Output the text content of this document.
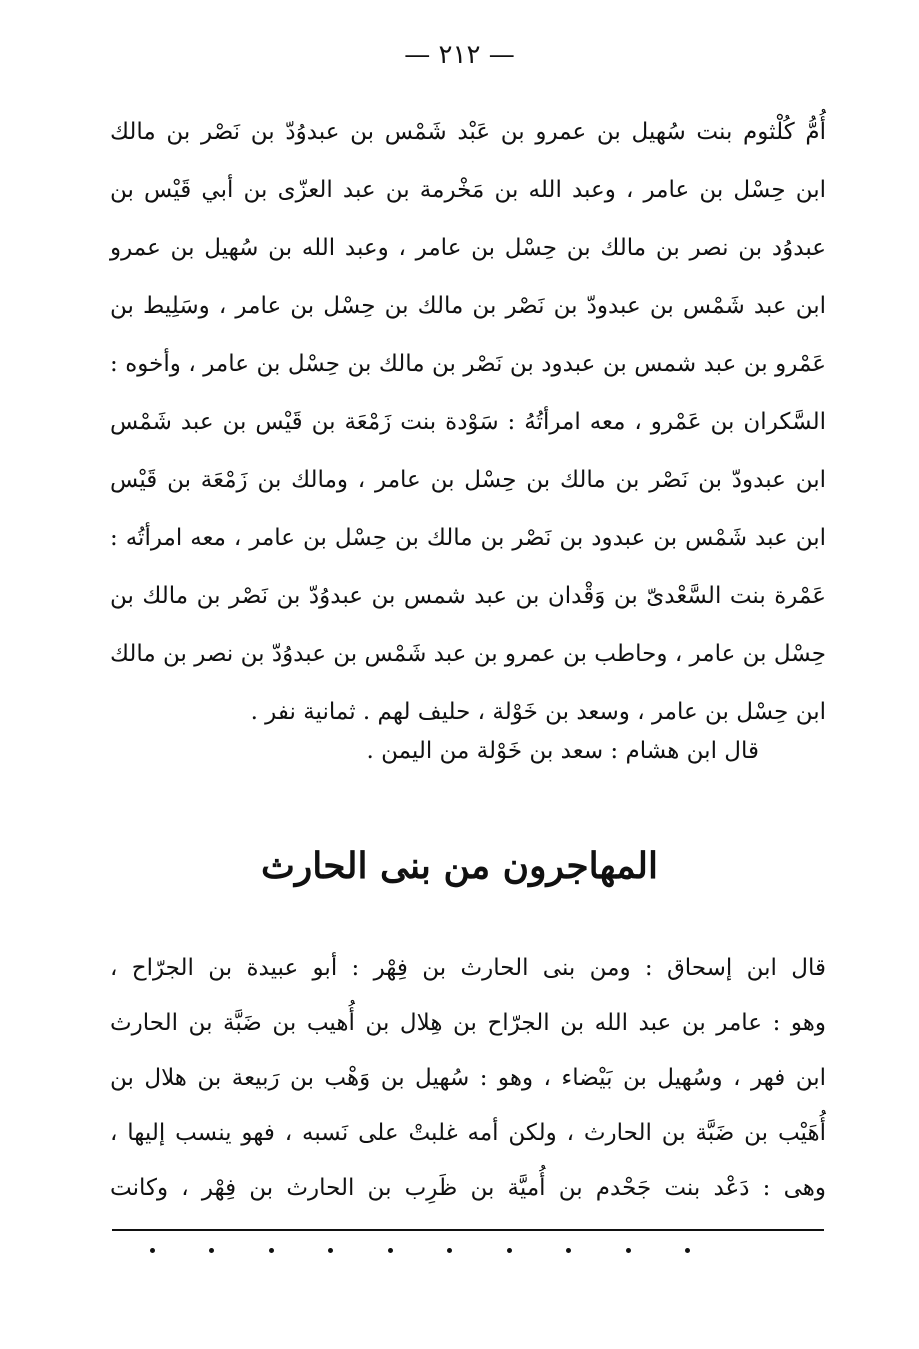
— ٢١٢ —
أُمُّ كُلْثوم بنت سُهيل بن عمرو بن عَبْد شَمْس بن عبدوُدّ بن نَصْر بن مالك
ابن حِسْل بن عامر ، وعبد الله بن مَخْرمة بن عبد العزّى بن أبي قَيْس بن
عبدوُد بن نصر بن مالك بن حِسْل بن عامر ، وعبد الله بن سُهيل بن عمرو
ابن عبد شَمْس بن عبدودّ بن نَصْر بن مالك بن حِسْل بن عامر ، وسَلِيط بن
عَمْرو بن عبد شمس بن عبدود بن نَصْر بن مالك بن حِسْل بن عامر ، وأخوه :
السَّكران بن عَمْرو ، معه امرأتُهُ : سَوْدة بنت زَمْعَة بن قَيْس بن عبد شَمْس
ابن عبدودّ بن نَصْر بن مالك بن حِسْل بن عامر ، ومالك بن زَمْعَة بن قَيْس
ابن عبد شَمْس بن عبدود بن نَصْر بن مالك بن حِسْل بن عامر ، معه امرأتُه :
عَمْرة بنت السَّعْدىّ بن وَقْدان بن عبد شمس بن عبدوُدّ بن نَصْر بن مالك بن
حِسْل بن عامر ، وحاطب بن عمرو بن عبد شَمْس بن عبدوُدّ بن نصر بن مالك
ابن حِسْل بن عامر ، وسعد بن خَوْلة ، حليف لهم . ثمانية نفر .
قال ابن هشام : سعد بن خَوْلة من اليمن .
المهاجرون من بنى الحارث
قال ابن إسحاق : ومن بنى الحارث بن فِهْر : أبو عبيدة بن الجرّاح ،
وهو : عامر بن عبد الله بن الجرّاح بن هِلال بن أُهيب بن ضَبَّة بن الحارث
ابن فهر ، وسُهيل بن بَيْضاء ، وهو : سُهيل بن وَهْب بن رَبيعة بن هلال بن
أُهَيْب بن ضَبَّة بن الحارث ، ولكن أمه غلبتْ على نَسبه ، فهو ينسب إليها ،
وهى : دَعْد بنت جَحْدم بن أُميَّة بن ظَرِب بن الحارث بن فِهْر ، وكانت
